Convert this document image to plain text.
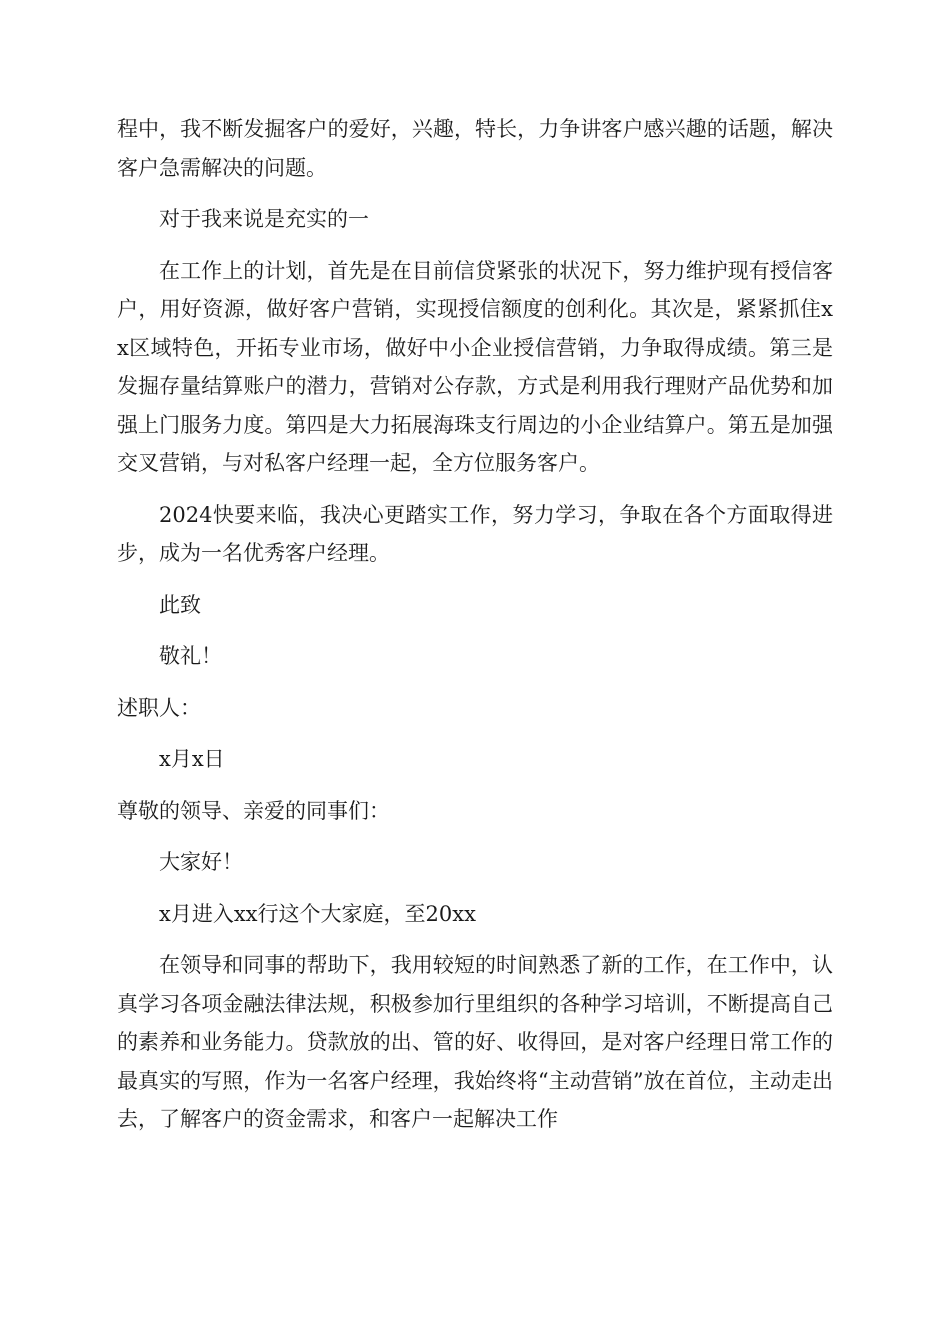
程中，我不断发掘客户的爱好，兴趣，特长，力争讲客户感兴趣的话题，解决客户急需解决的问题。

对于我来说是充实的一

在工作上的计划，首先是在目前信贷紧张的状况下，努力维护现有授信客户，用好资源，做好客户营销，实现授信额度的创利化。其次是，紧紧抓住xx区域特色，开拓专业市场，做好中小企业授信营销，力争取得成绩。第三是发掘存量结算账户的潜力，营销对公存款，方式是利用我行理财产品优势和加强上门服务力度。第四是大力拓展海珠支行周边的小企业结算户。第五是加强交叉营销，与对私客户经理一起，全方位服务客户。

2024快要来临，我决心更踏实工作，努力学习，争取在各个方面取得进步，成为一名优秀客户经理。

此致

敬礼！

述职人：

x月x日

尊敬的领导、亲爱的同事们：

大家好！

x月进入xx行这个大家庭，至20xx

在领导和同事的帮助下，我用较短的时间熟悉了新的工作，在工作中，认真学习各项金融法律法规，积极参加行里组织的各种学习培训，不断提高自己的素养和业务能力。贷款放的出、管的好、收得回，是对客户经理日常工作的最真实的写照，作为一名客户经理，我始终将“主动营销”放在首位，主动走出去，了解客户的资金需求，和客户一起解决工作
